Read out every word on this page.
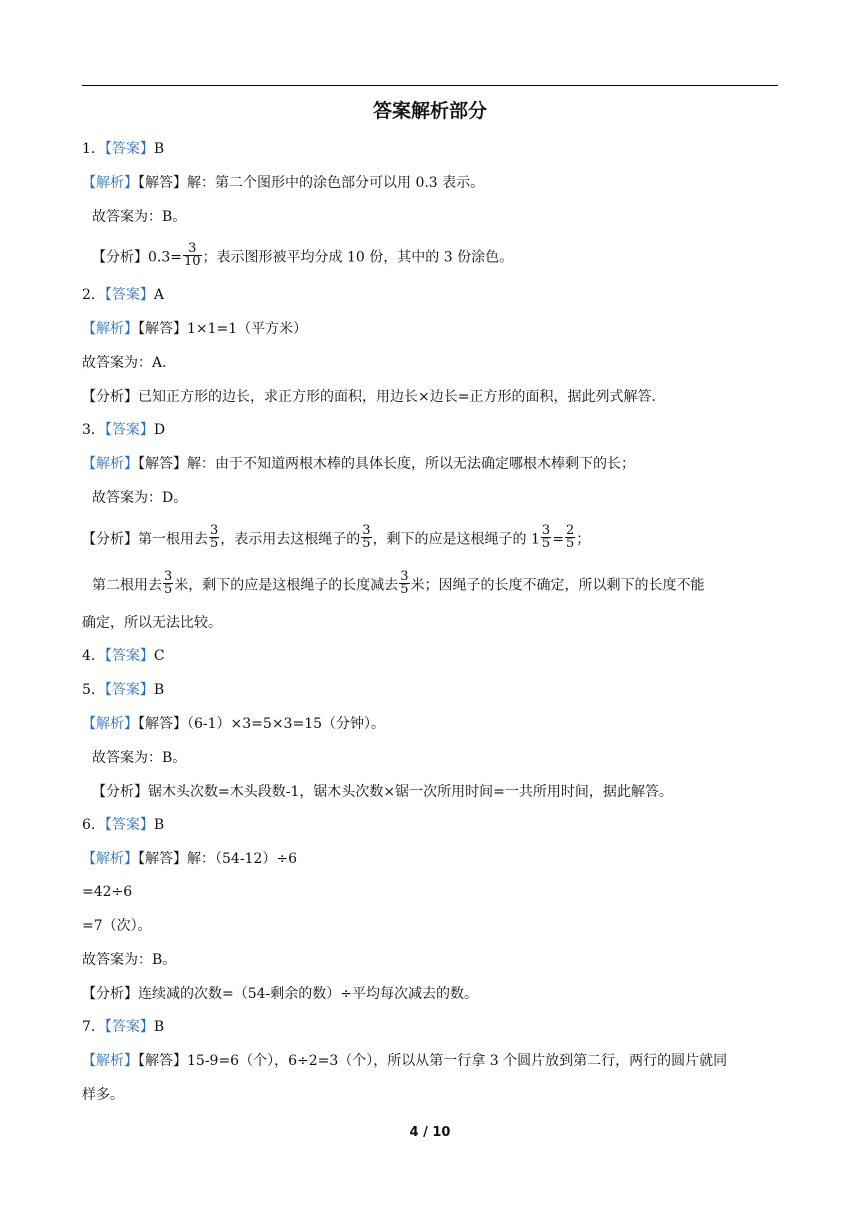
答案解析部分
1．【答案】B
【解析】【解答】解：第二个图形中的涂色部分可以用 0.3 表示。
故答案为：B。
【分析】$0.3= \frac{3}{10}$ ；表示图形被平均分成 10 份，其中的 3 份涂色。
2．【答案】A
【解析】【解答】1×1=1（平方米）
故答案为：A.
【分析】已知正方形的边长，求正方形的面积，用边长×边长=正方形的面积，据此列式解答.
3．【答案】D
【解析】【解答】解：由于不知道两根木棒的具体长度，所以无法确定哪根木棒剩下的长；
故答案为：D。
【分析】第一根用去 $\frac{3}{5}$ ，表示用去这根绳子的 $\frac{3}{5}$ ，剩下的应是这根绳子的 $1 \frac{3}{5} = \frac{2}{5}$ ；
第二根用去 $\frac{3}{5}$ 米，剩下的应是这根绳子的长度减去 $\frac{3}{5}$ 米；因绳子的长度不确定，所以剩下的长度不能
确定，所以无法比较。
4．【答案】C
5．【答案】B
【解析】【解答】（6-1）×3=5×3=15（分钟）。
故答案为：B。
【分析】锯木头次数=木头段数-1，锯木头次数×锯一次所用时间=一共所用时间，据此解答。
6．【答案】B
【解析】【解答】解：（54-12）÷6
=42÷6
=7（次）。
故答案为：B。
【分析】连续减的次数=（54-剩余的数）÷平均每次减去的数。
7．【答案】B
【解析】【解答】15-9=6（个），6÷2=3（个），所以从第一行拿 3 个圆片放到第二行，两行的圆片就同
样多。
4 / 10
